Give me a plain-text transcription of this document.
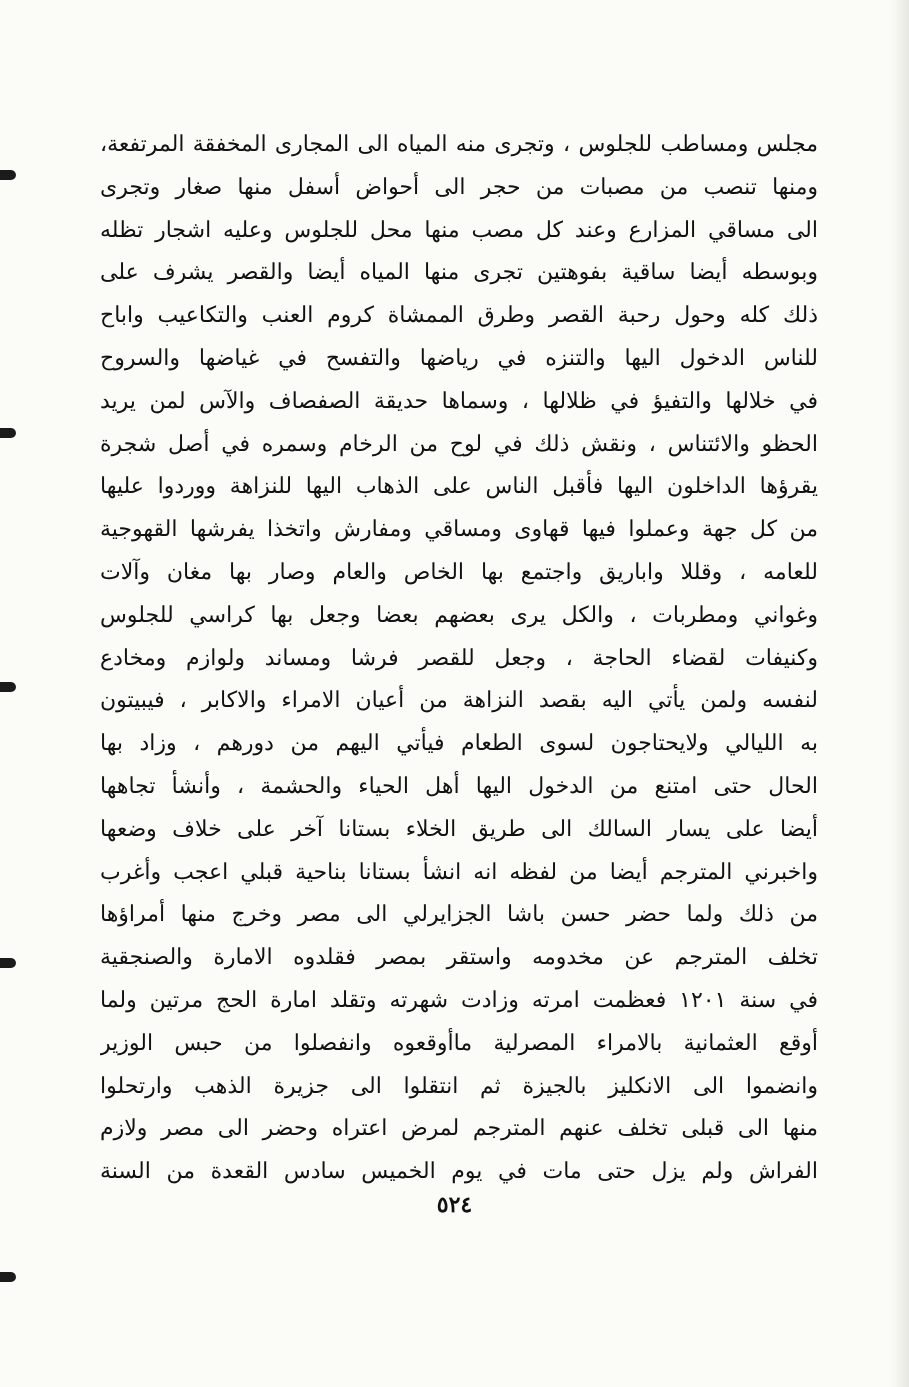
مجلس ومساطب للجلوس ، وتجرى منه المياه الى المجارى المخفقة المرتفعة،
ومنها تنصب من مصبات من حجر الى أحواض أسفل منها صغار وتجرى
الى مساقي المزارع وعند كل مصب منها محل للجلوس وعليه اشجار تظله
وبوسطه أيضا ساقية بفوهتين تجرى منها المياه أيضا والقصر يشرف على
ذلك كله وحول رحبة القصر وطرق الممشاة كروم العنب والتكاعيب واباح
للناس الدخول اليها والتنزه في رياضها والتفسح في غياضها والسروح
في خلالها والتفيؤ في ظلالها ، وسماها حديقة الصفصاف والآس لمن يريد
الحظو والائتناس ، ونقش ذلك في لوح من الرخام وسمره في أصل شجرة
يقرؤها الداخلون اليها فأقبل الناس على الذهاب اليها للنزاهة ووردوا عليها
من كل جهة وعملوا فيها قهاوى ومساقي ومفارش واتخذا يفرشها القهوجية
للعامه ، وقللا واباريق واجتمع بها الخاص والعام وصار بها مغان وآلات
وغواني ومطربات ، والكل يرى بعضهم بعضا وجعل بها كراسي للجلوس
وكنيفات لقضاء الحاجة ، وجعل للقصر فرشا ومساند ولوازم ومخادع
لنفسه ولمن يأتي اليه بقصد النزاهة من أعيان الامراء والاكابر ، فيبيتون
به الليالي ولايحتاجون لسوى الطعام فيأتي اليهم من دورهم ، وزاد بها
الحال حتى امتنع من الدخول اليها أهل الحياء والحشمة ، وأنشأ تجاهها
أيضا على يسار السالك الى طريق الخلاء بستانا آخر على خلاف وضعها
واخبرني المترجم أيضا من لفظه انه انشأ بستانا بناحية قبلي اعجب وأغرب
من ذلك ولما حضر حسن باشا الجزايرلي الى مصر وخرج منها أمراؤها
تخلف المترجم عن مخدومه واستقر بمصر فقلدوه الامارة والصنجقية
في سنة ١٢٠١ فعظمت امرته وزادت شهرته وتقلد امارة الحج مرتين ولما
أوقع العثمانية بالامراء المصرلية ماأوقعوه وانفصلوا من حبس الوزير
وانضموا الى الانكليز بالجيزة ثم انتقلوا الى جزيرة الذهب وارتحلوا
منها الى قبلى تخلف عنهم المترجم لمرض اعتراه وحضر الى مصر ولازم
الفراش ولم يزل حتى مات في يوم الخميس سادس القعدة من السنة
٥٢٤
